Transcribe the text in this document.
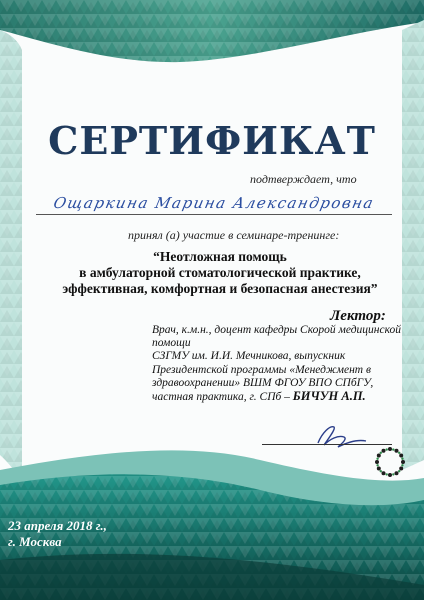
СЕРТИФИКАТ
подтверждает, что
Ощаркина Марина Александровна
принял (а) участие в семинаре-тренинге:
“Неотложная помощь
в амбулаторной стоматологической практике,
эффективная, комфортная и безопасная анестезия”
Лектор:
Врач, к.м.н., доцент кафедры Скорой медицинской помощи
СЗГМУ им. И.И. Мечникова, выпускник Президентской программы «Менеджмент в здравоохранении» ВШМ ФГОУ ВПО СПбГУ, частная практика, г. СПб – БИЧУН А.П.
23 апреля 2018 г.,
г. Москва
